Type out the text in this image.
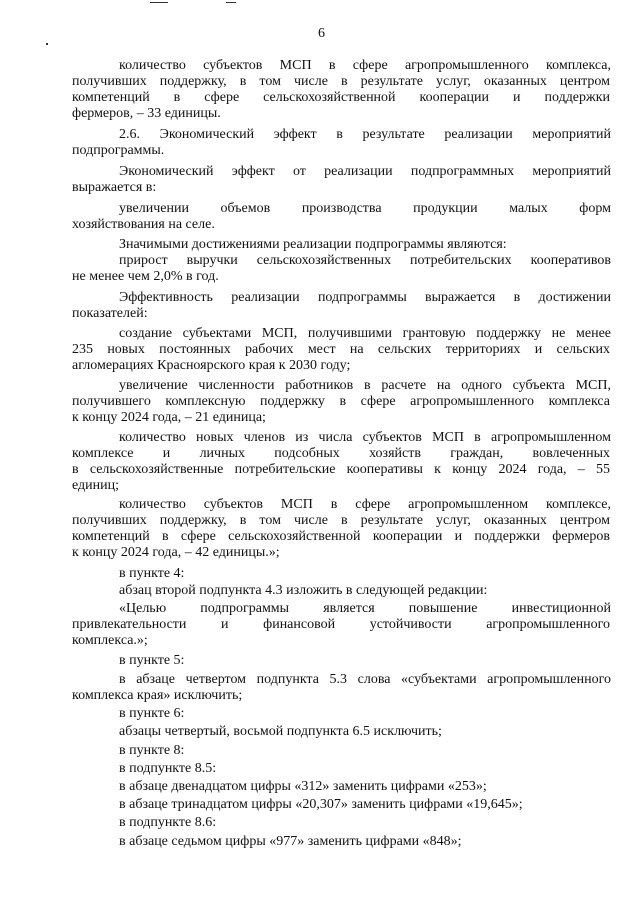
6

количество субъектов МСП в сфере агропромышленного комплекса,

получивших поддержку, в том числе в результате услуг, оказанных центром

компетенций в сфере сельскохозяйственной кооперации и поддержки

фермеров, – 33 единицы.

2.6. Экономический эффект в результате реализации мероприятий

подпрограммы.

Экономический эффект от реализации подпрограммных мероприятий

выражается в:

увеличении объемов производства продукции малых форм

хозяйствования на селе.

Значимыми достижениями реализации подпрограммы являются:

прирост выручки сельскохозяйственных потребительских кооперативов

не менее чем 2,0% в год.

Эффективность реализации подпрограммы выражается в достижении

показателей:

создание субъектами МСП, получившими грантовую поддержку не менее

235 новых постоянных рабочих мест на сельских территориях и сельских

агломерациях Красноярского края к 2030 году;

увеличение численности работников в расчете на одного субъекта МСП,

получившего комплексную поддержку в сфере агропромышленного комплекса

к концу 2024 года, – 21 единица;

количество новых членов из числа субъектов МСП в агропромышленном

комплексе и личных подсобных хозяйств граждан, вовлеченных

в сельскохозяйственные потребительские кооперативы к концу 2024 года, – 55

единиц;

количество субъектов МСП в сфере агропромышленном комплексе,

получивших поддержку, в том числе в результате услуг, оказанных центром

компетенций в сфере сельскохозяйственной кооперации и поддержки фермеров

к концу 2024 года, – 42 единицы.»;

в пункте 4:

абзац второй подпункта 4.3 изложить в следующей редакции:

«Целью подпрограммы является повышение инвестиционной

привлекательности и финансовой устойчивости агропромышленного

комплекса.»;

в пункте 5:

в абзаце четвертом подпункта 5.3 слова «субъектами агропромышленного

комплекса края» исключить;

в пункте 6:

абзацы четвертый, восьмой подпункта 6.5 исключить;

в пункте 8:

в подпункте 8.5:

в абзаце двенадцатом цифры «312» заменить цифрами «253»;

в абзаце тринадцатом цифры «20,307» заменить цифрами «19,645»;

в подпункте 8.6:

в абзаце седьмом цифры «977» заменить цифрами «848»;
